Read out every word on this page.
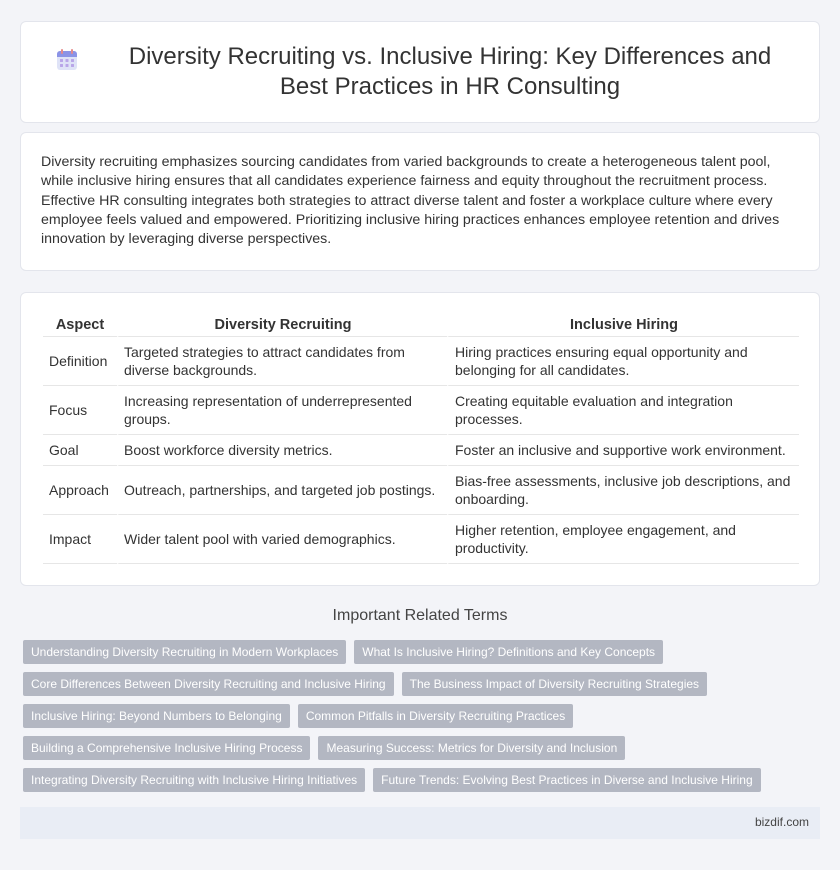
Diversity Recruiting vs. Inclusive Hiring: Key Differences and Best Practices in HR Consulting

Diversity recruiting emphasizes sourcing candidates from varied backgrounds to create a heterogeneous talent pool, while inclusive hiring ensures that all candidates experience fairness and equity throughout the recruitment process. Effective HR consulting integrates both strategies to attract diverse talent and foster a workplace culture where every employee feels valued and empowered. Prioritizing inclusive hiring practices enhances employee retention and drives innovation by leveraging diverse perspectives.

Aspect	Diversity Recruiting	Inclusive Hiring
Definition	Targeted strategies to attract candidates from diverse backgrounds.	Hiring practices ensuring equal opportunity and belonging for all candidates.
Focus	Increasing representation of underrepresented groups.	Creating equitable evaluation and integration processes.
Goal	Boost workforce diversity metrics.	Foster an inclusive and supportive work environment.
Approach	Outreach, partnerships, and targeted job postings.	Bias-free assessments, inclusive job descriptions, and onboarding.
Impact	Wider talent pool with varied demographics.	Higher retention, employee engagement, and productivity.
Important Related Terms
Understanding Diversity Recruiting in Modern Workplaces What Is Inclusive Hiring? Definitions and Key Concepts
Core Differences Between Diversity Recruiting and Inclusive Hiring The Business Impact of Diversity Recruiting Strategies
Inclusive Hiring: Beyond Numbers to Belonging Common Pitfalls in Diversity Recruiting Practices
Building a Comprehensive Inclusive Hiring Process Measuring Success: Metrics for Diversity and Inclusion
Integrating Diversity Recruiting with Inclusive Hiring Initiatives Future Trends: Evolving Best Practices in Diverse and Inclusive Hiring
bizdif.com
